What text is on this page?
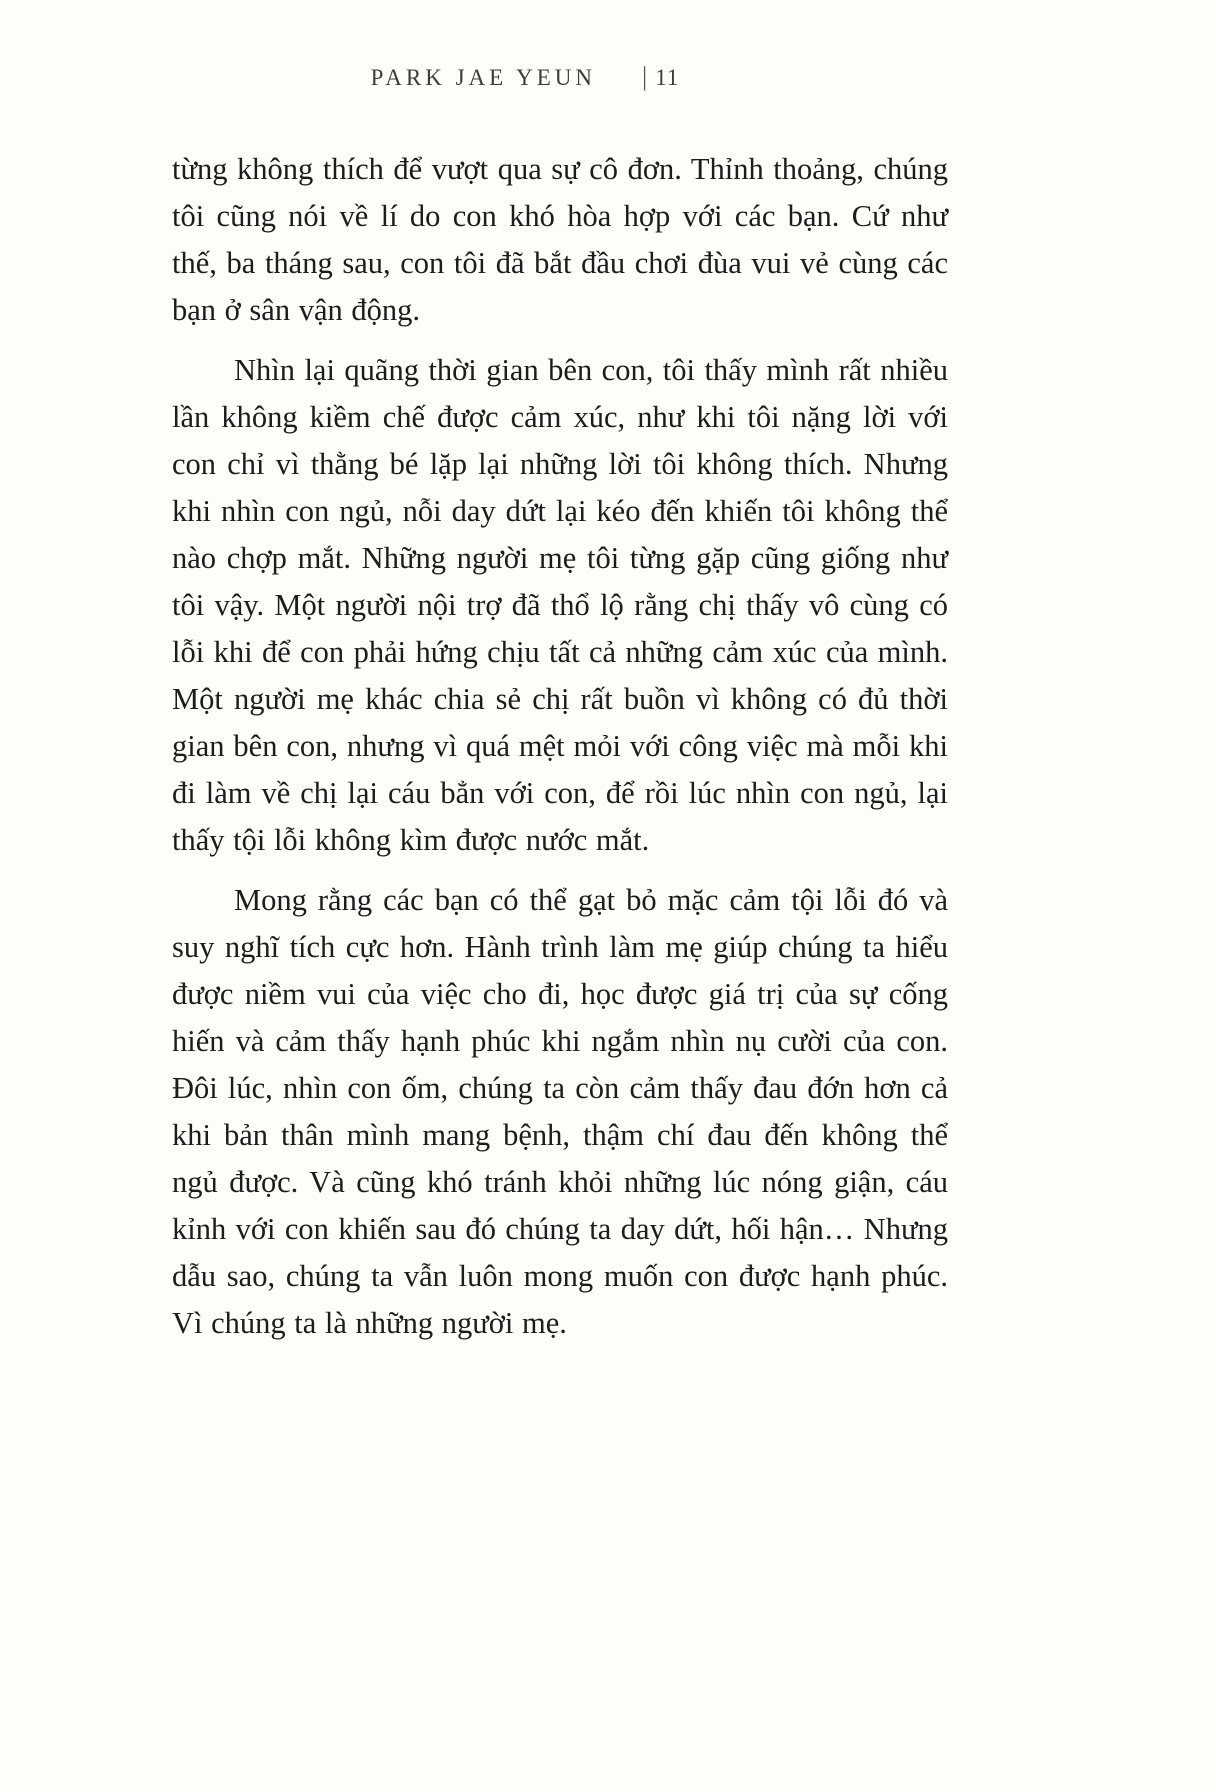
PARK JAE YEUN | 11

từng không thích để vượt qua sự cô đơn. Thỉnh thoảng, chúng tôi cũng nói về lí do con khó hòa hợp với các bạn. Cứ như thế, ba tháng sau, con tôi đã bắt đầu chơi đùa vui vẻ cùng các bạn ở sân vận động.

Nhìn lại quãng thời gian bên con, tôi thấy mình rất nhiều lần không kiềm chế được cảm xúc, như khi tôi nặng lời với con chỉ vì thằng bé lặp lại những lời tôi không thích. Nhưng khi nhìn con ngủ, nỗi day dứt lại kéo đến khiến tôi không thể nào chợp mắt. Những người mẹ tôi từng gặp cũng giống như tôi vậy. Một người nội trợ đã thổ lộ rằng chị thấy vô cùng có lỗi khi để con phải hứng chịu tất cả những cảm xúc của mình. Một người mẹ khác chia sẻ chị rất buồn vì không có đủ thời gian bên con, nhưng vì quá mệt mỏi với công việc mà mỗi khi đi làm về chị lại cáu bẳn với con, để rồi lúc nhìn con ngủ, lại thấy tội lỗi không kìm được nước mắt.

Mong rằng các bạn có thể gạt bỏ mặc cảm tội lỗi đó và suy nghĩ tích cực hơn. Hành trình làm mẹ giúp chúng ta hiểu được niềm vui của việc cho đi, học được giá trị của sự cống hiến và cảm thấy hạnh phúc khi ngắm nhìn nụ cười của con. Đôi lúc, nhìn con ốm, chúng ta còn cảm thấy đau đớn hơn cả khi bản thân mình mang bệnh, thậm chí đau đến không thể ngủ được. Và cũng khó tránh khỏi những lúc nóng giận, cáu kỉnh với con khiến sau đó chúng ta day dứt, hối hận… Nhưng dẫu sao, chúng ta vẫn luôn mong muốn con được hạnh phúc. Vì chúng ta là những người mẹ.
